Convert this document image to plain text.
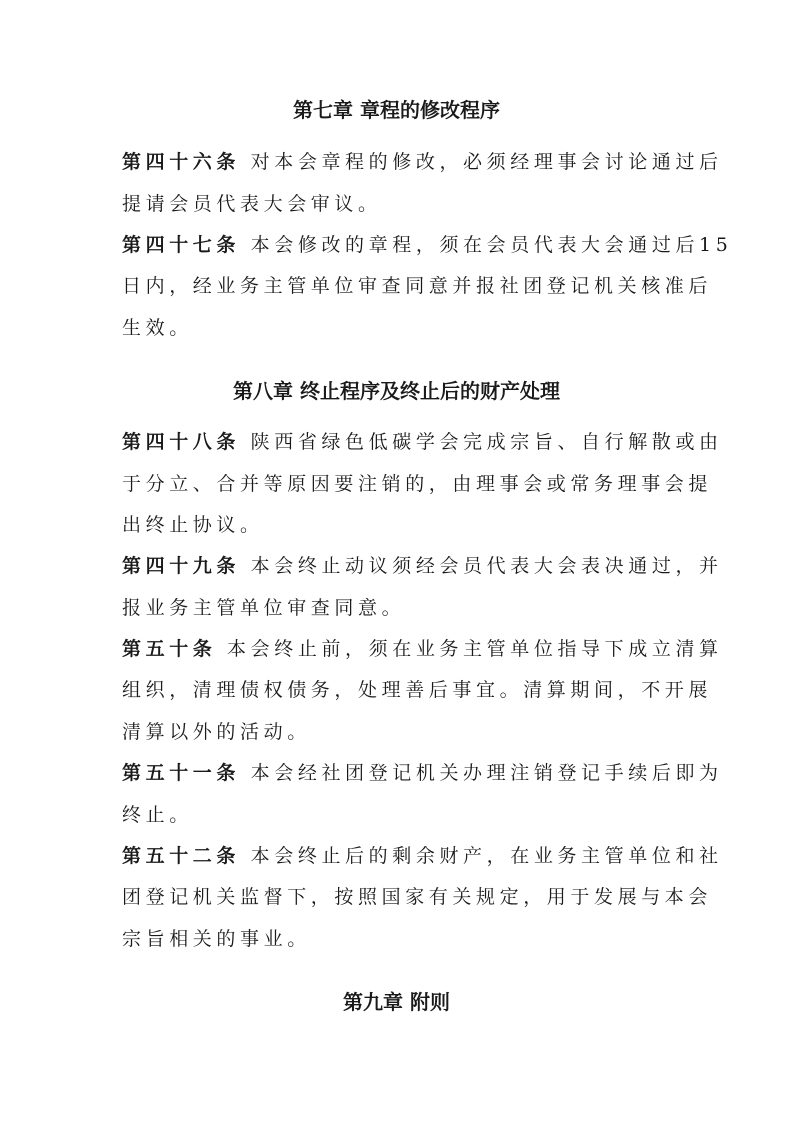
第七章 章程的修改程序
第四十六条 对本会章程的修改，必须经理事会讨论通过后
提请会员代表大会审议。
第四十七条 本会修改的章程，须在会员代表大会通过后15
日内，经业务主管单位审查同意并报社团登记机关核准后
生效。
第八章 终止程序及终止后的财产处理
第四十八条 陕西省绿色低碳学会完成宗旨、自行解散或由
于分立、合并等原因要注销的，由理事会或常务理事会提
出终止协议。
第四十九条 本会终止动议须经会员代表大会表决通过，并
报业务主管单位审查同意。
第五十条 本会终止前，须在业务主管单位指导下成立清算
组织，清理债权债务，处理善后事宜。清算期间，不开展
清算以外的活动。
第五十一条 本会经社团登记机关办理注销登记手续后即为
终止。
第五十二条 本会终止后的剩余财产，在业务主管单位和社
团登记机关监督下，按照国家有关规定，用于发展与本会
宗旨相关的事业。
第九章 附则
